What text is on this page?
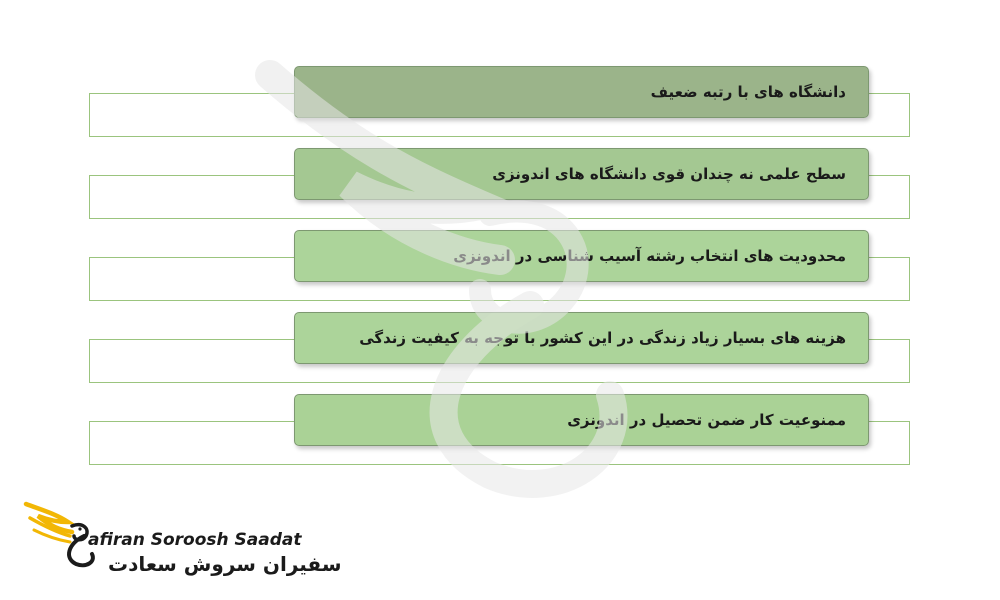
دانشگاه های با رتبه ضعیف
سطح علمی نه چندان قوی دانشگاه های اندونزی
محدودیت های انتخاب رشته آسیب شناسی در اندونزی
هزینه های بسیار زیاد زندگی در این کشور با توجه به کیفیت زندگی
ممنوعیت کار ضمن تحصیل در اندونزی
afiran Soroosh Saadat
سفیران سروش سعادت
